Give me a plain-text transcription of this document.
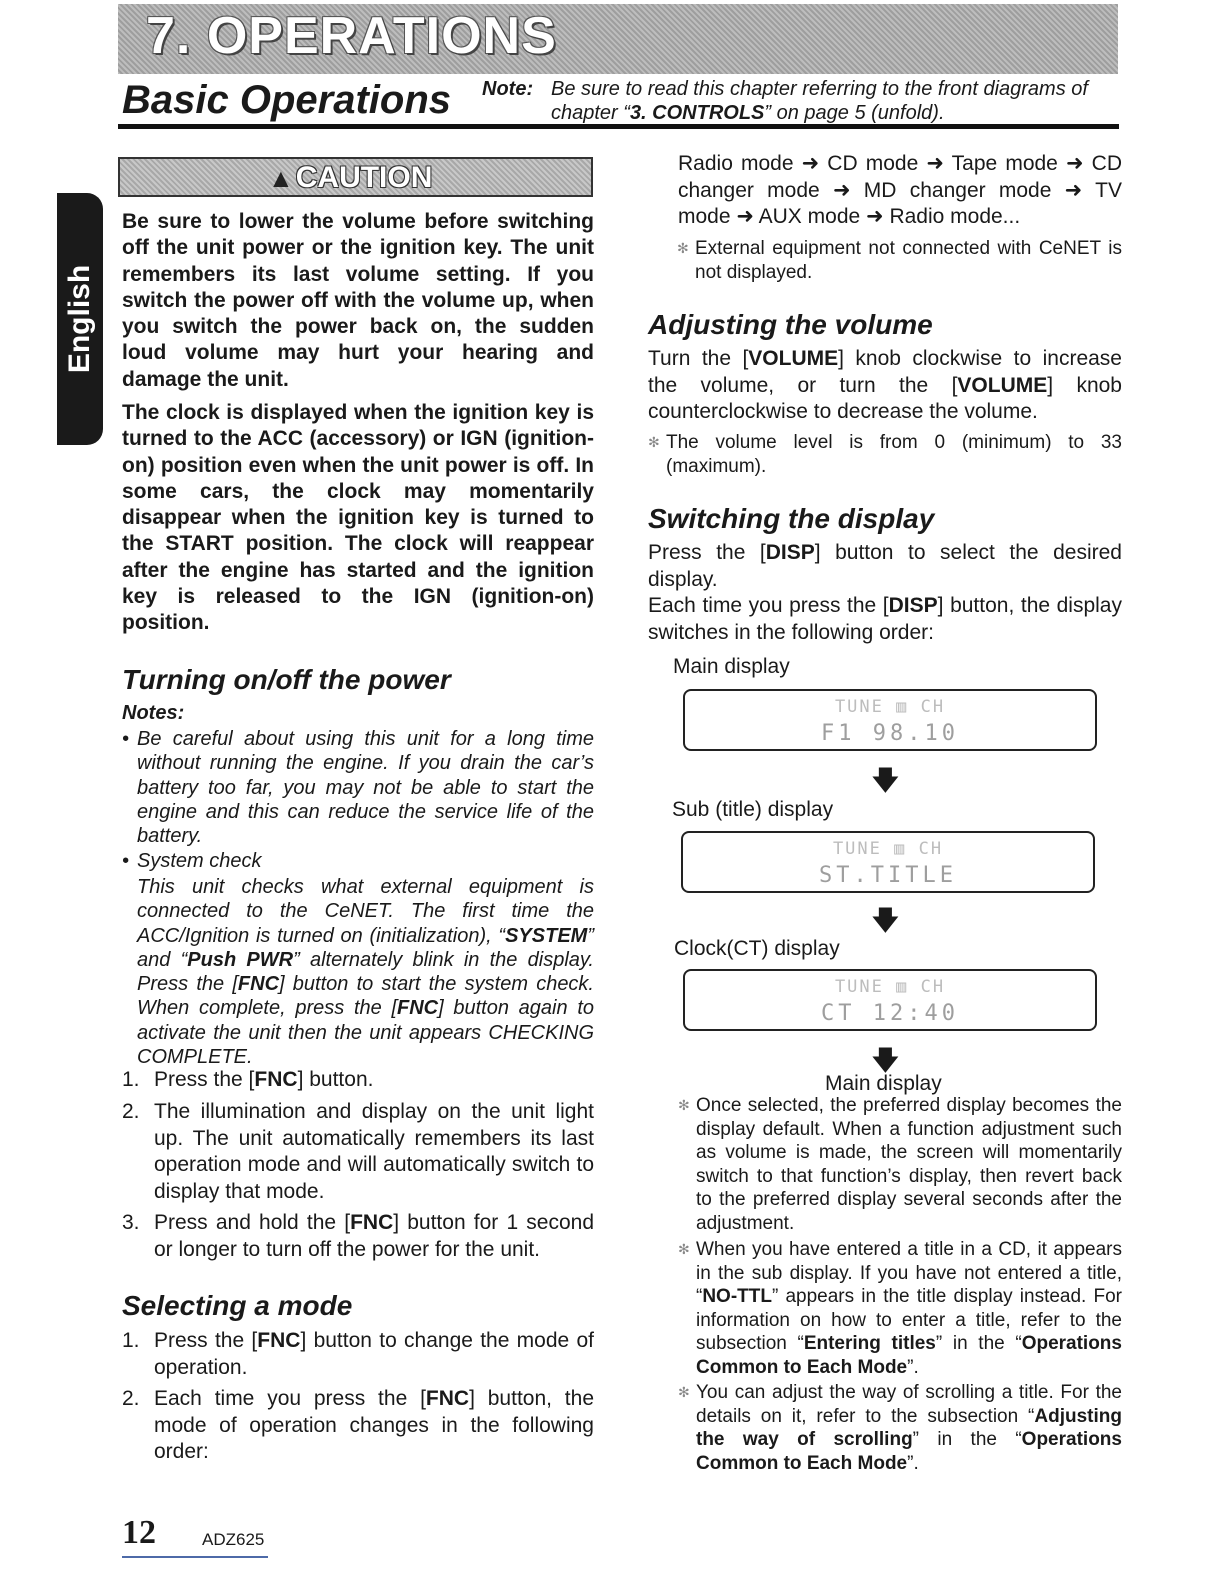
7. OPERATIONS
Basic Operations Note: Be sure to read this chapter referring to the front diagrams of chapter “3. CONTROLS” on page 5 (unfold).
English
▲CAUTION

Be sure to lower the volume before switching off the unit power or the ignition key. The unit remembers its last volume setting. If you switch the power off with the volume up, when you switch the power back on, the sudden loud volume may hurt your hearing and damage the unit.

The clock is displayed when the ignition key is turned to the ACC (accessory) or IGN (ignition-on) position even when the unit power is off. In some cars, the clock may momentarily disappear when the ignition key is turned to the START position. The clock will reappear after the engine has started and the ignition key is released to the IGN (ignition-on) position.

Turning on/off the power

Notes:

• Be careful about using this unit for a long time without running the engine. If you drain the car’s battery too far, you may not be able to start the engine and this can reduce the service life of the battery.

• System check

This unit checks what external equipment is connected to the CeNET. The first time the ACC/Ignition is turned on (initialization), “SYSTEM” and “Push PWR” alternately blink in the display. Press the [FNC] button to start the system check. When complete, press the [FNC] button again to activate the unit then the unit appears CHECKING COMPLETE.

1. Press the [FNC] button.

2. The illumination and display on the unit light up. The unit automatically remembers its last operation mode and will automatically switch to display that mode.

3. Press and hold the [FNC] button for 1 second or longer to turn off the power for the unit.

Selecting a mode

1. Press the [FNC] button to change the mode of operation.

2. Each time you press the [FNC] button, the mode of operation changes in the following order:

Radio mode ➜ CD mode ➜ Tape mode ➜ CD changer mode ➜ MD changer mode ➜ TV mode ➜ AUX mode ➜ Radio mode...

✻ External equipment not connected with CeNET is not displayed.

Adjusting the volume

Turn the [VOLUME] knob clockwise to increase the volume, or turn the [VOLUME] knob counterclockwise to decrease the volume.

✻ The volume level is from 0 (minimum) to 33 (maximum).

Switching the display

Press the [DISP] button to select the desired display.

Each time you press the [DISP] button, the display switches in the following order:

Main display
TUNE ▥ CH
F1 98.10
🡇
Sub (title) display
TUNE ▥ CH
ST.TITLE
🡇
Clock(CT) display
TUNE ▥ CH
CT 12:40
🡇
Main display

✻ Once selected, the preferred display becomes the display default. When a function adjustment such as volume is made, the screen will momentarily switch to that function’s display, then revert back to the preferred display several seconds after the adjustment.

✻ When you have entered a title in a CD, it appears in the sub display. If you have not entered a title, “NO-TTL” appears in the title display instead. For information on how to enter a title, refer to the subsection “Entering titles” in the “Operations Common to Each Mode”.

✻ You can adjust the way of scrolling a title. For the details on it, refer to the subsection “Adjusting the way of scrolling” in the “Operations Common to Each Mode”.

12	ADZ625
